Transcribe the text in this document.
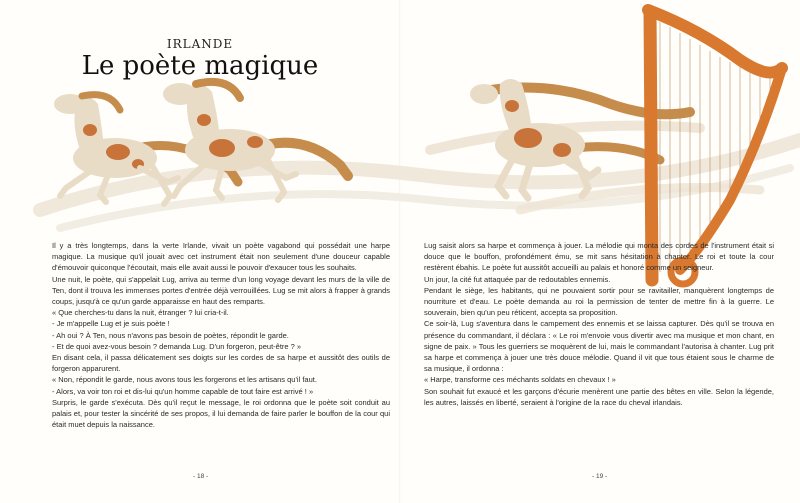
IRLANDE
Le poète magique

Il y a très longtemps, dans la verte Irlande, vivait un poète vagabond qui possédait une harpe magique. La musique qu'il jouait avec cet instrument était non seulement d'une douceur capable d'émouvoir quiconque l'écoutait, mais elle avait aussi le pouvoir d'exaucer tous les souhaits.

Une nuit, le poète, qui s'appelait Lug, arriva au terme d'un long voyage devant les murs de la ville de Ten, dont il trouva les immenses portes d'entrée déjà verrouillées. Lug se mit alors à frapper à grands coups, jusqu'à ce qu'un garde apparaisse en haut des remparts.

« Que cherches-tu dans la nuit, étranger ? lui cria-t-il.

- Je m'appelle Lug et je suis poète !

- Ah oui ? À Ten, nous n'avons pas besoin de poètes, répondit le garde.

- Et de quoi avez-vous besoin ? demanda Lug. D'un forgeron, peut-être ? »

En disant cela, il passa délicatement ses doigts sur les cordes de sa harpe et aussitôt des outils de forgeron apparurent.

« Non, répondit le garde, nous avons tous les forgerons et les artisans qu'il faut.

- Alors, va voir ton roi et dis-lui qu'un homme capable de tout faire est arrivé ! »

Surpris, le garde s'exécuta. Dès qu'il reçut le message, le roi ordonna que le poète soit conduit au palais et, pour tester la sincérité de ses propos, il lui demanda de faire parler le bouffon de la cour qui était muet depuis la naissance.

Lug saisit alors sa harpe et commença à jouer. La mélodie qui monta des cordes de l'instrument était si douce que le bouffon, profondément ému, se mit sans hésitation à chanter. Le roi et toute la cour restèrent ébahis. Le poète fut aussitôt accueilli au palais et honoré comme un seigneur.

Un jour, la cité fut attaquée par de redoutables ennemis.

Pendant le siège, les habitants, qui ne pouvaient sortir pour se ravitailler, manquèrent longtemps de nourriture et d'eau. Le poète demanda au roi la permission de tenter de mettre fin à la guerre. Le souverain, bien qu'un peu réticent, accepta sa proposition.

Ce soir-là, Lug s'aventura dans le campement des ennemis et se laissa capturer. Dès qu'il se trouva en présence du commandant, il déclara : « Le roi m'envoie vous divertir avec ma musique et mon chant, en signe de paix. » Tous les guerriers se moquèrent de lui, mais le commandant l'autorisa à chanter. Lug prit sa harpe et commença à jouer une très douce mélodie. Quand il vit que tous étaient sous le charme de sa musique, il ordonna :

« Harpe, transforme ces méchants soldats en chevaux ! »

Son souhait fut exaucé et les garçons d'écurie menèrent une partie des bêtes en ville. Selon la légende, les autres, laissés en liberté, seraient à l'origine de la race du cheval irlandais.

- 18 -	- 19 -
